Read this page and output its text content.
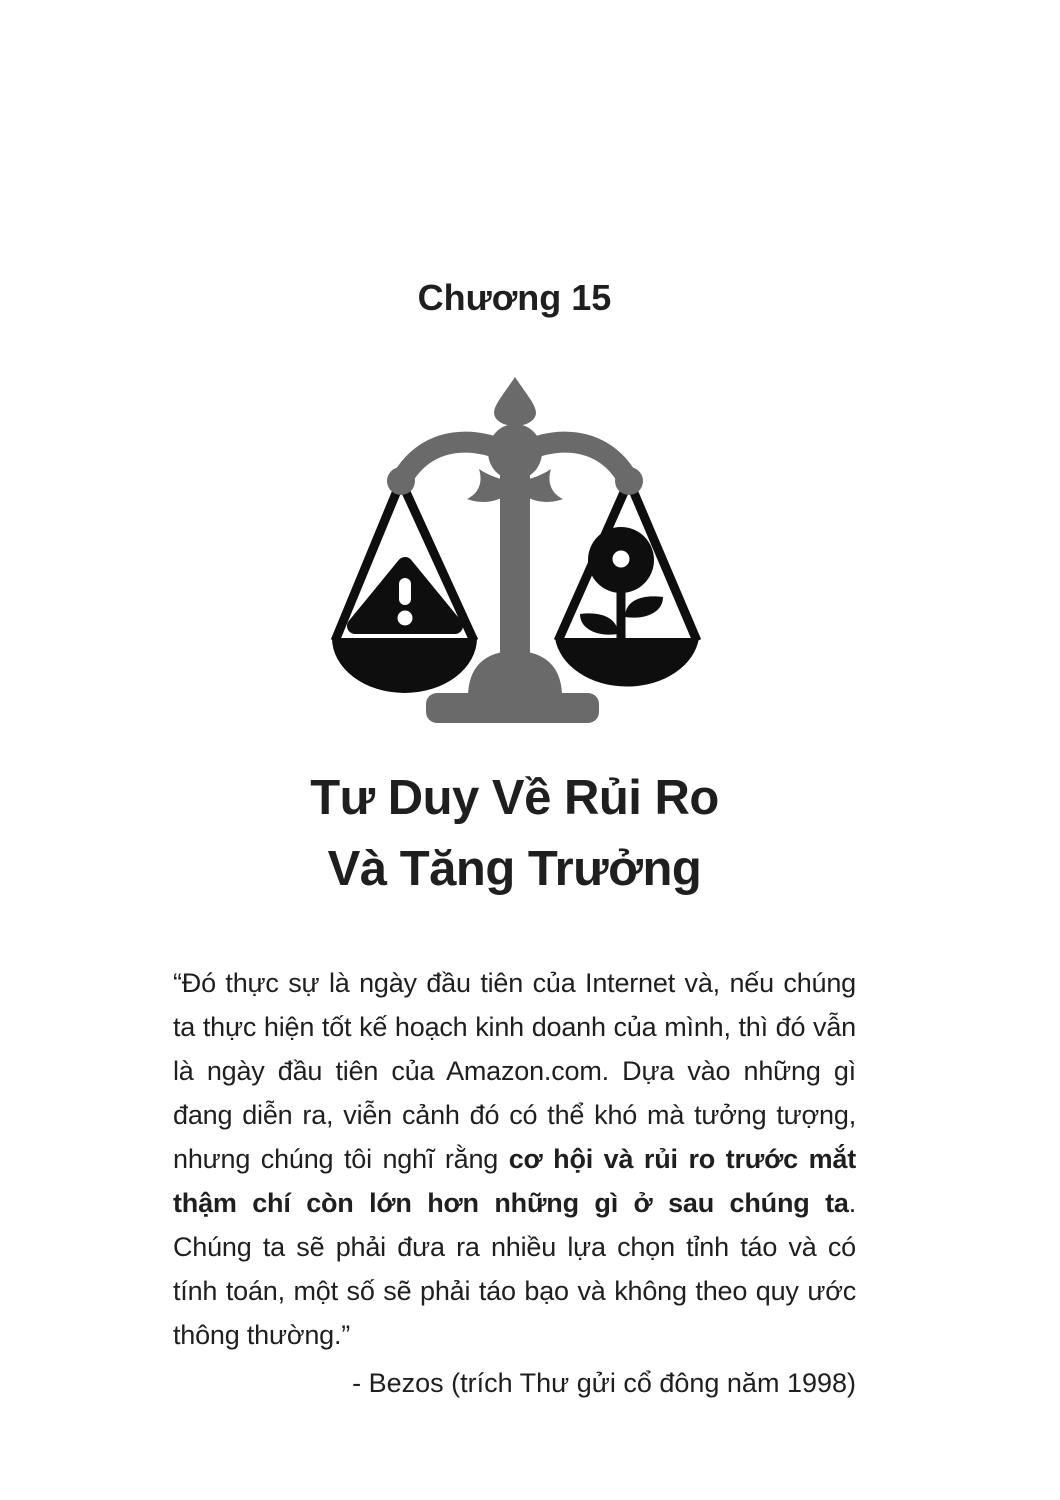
Chương 15
Tư Duy Về Rủi Ro
Và Tăng Trưởng

“Đó thực sự là ngày đầu tiên của Internet và, nếu chúng ta thực hiện tốt kế hoạch kinh doanh của mình, thì đó vẫn là ngày đầu tiên của Amazon.com. Dựa vào những gì đang diễn ra, viễn cảnh đó có thể khó mà tưởng tượng, nhưng chúng tôi nghĩ rằng cơ hội và rủi ro trước mắt thậm chí còn lớn hơn những gì ở sau chúng ta. Chúng ta sẽ phải đưa ra nhiều lựa chọn tỉnh táo và có tính toán, một số sẽ phải táo bạo và không theo quy ước thông thường.”

- Bezos (trích Thư gửi cổ đông năm 1998)
